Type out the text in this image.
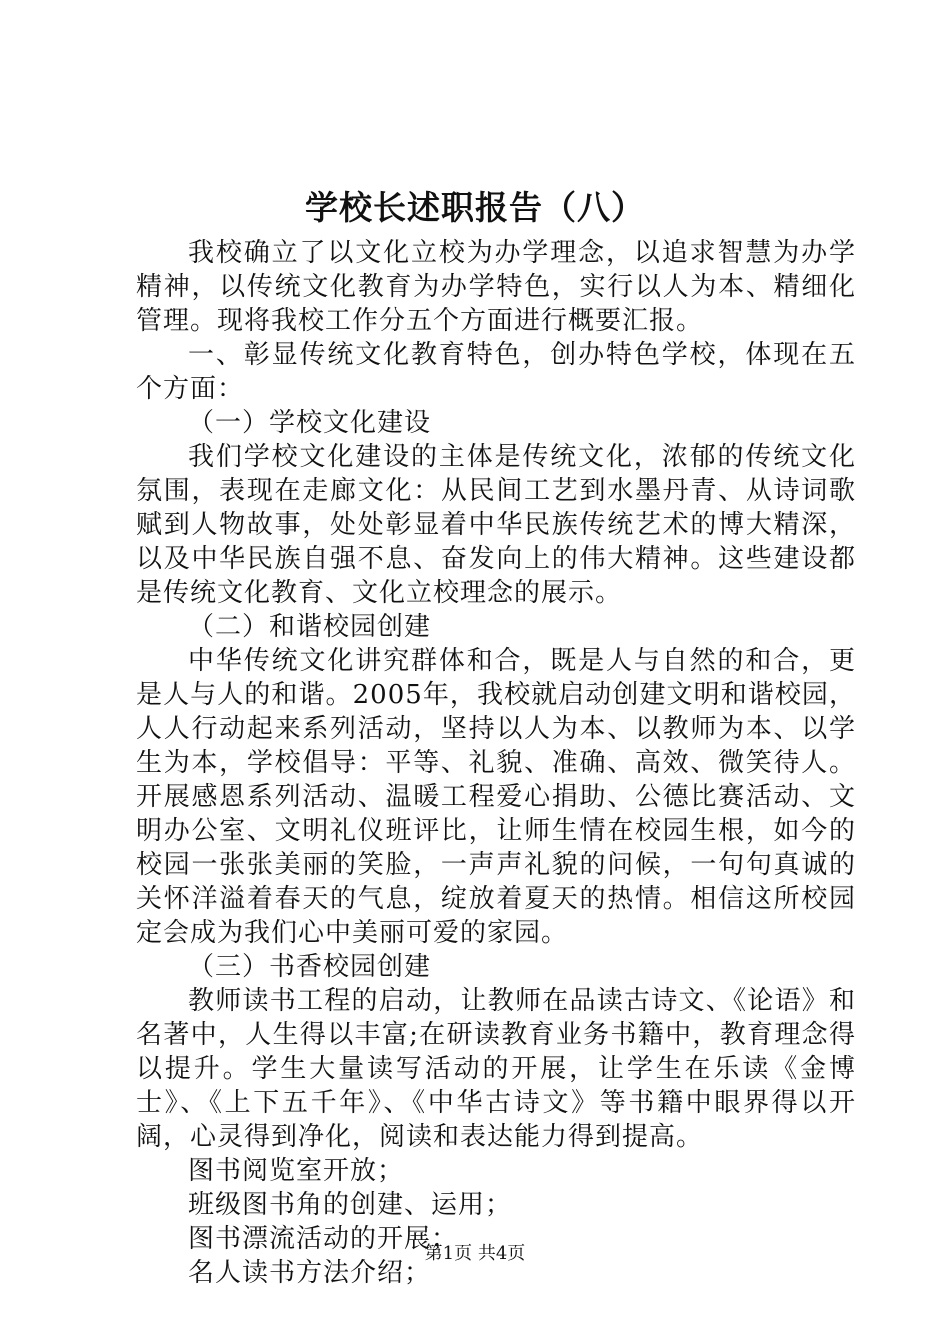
学校长述职报告（八）

我校确立了以文化立校为办学理念，以追求智慧为办学精神，以传统文化教育为办学特色，实行以人为本、精细化管理。现将我校工作分五个方面进行概要汇报。

一、彰显传统文化教育特色，创办特色学校，体现在五个方面：

（一）学校文化建设

我们学校文化建设的主体是传统文化，浓郁的传统文化氛围，表现在走廊文化：从民间工艺到水墨丹青、从诗词歌赋到人物故事，处处彰显着中华民族传统艺术的博大精深，以及中华民族自强不息、奋发向上的伟大精神。这些建设都是传统文化教育、文化立校理念的展示。

（二）和谐校园创建

中华传统文化讲究群体和合，既是人与自然的和合，更是人与人的和谐。2005年，我校就启动创建文明和谐校园，人人行动起来系列活动，坚持以人为本、以教师为本、以学生为本，学校倡导：平等、礼貌、准确、高效、微笑待人。开展感恩系列活动、温暖工程爱心捐助、公德比赛活动、文明办公室、文明礼仪班评比，让师生情在校园生根，如今的校园一张张美丽的笑脸，一声声礼貌的问候，一句句真诚的关怀洋溢着春天的气息，绽放着夏天的热情。相信这所校园定会成为我们心中美丽可爱的家园。

（三）书香校园创建

教师读书工程的启动，让教师在品读古诗文、《论语》和名著中，人生得以丰富;在研读教育业务书籍中，教育理念得以提升。学生大量读写活动的开展，让学生在乐读《金博士》、《上下五千年》、《中华古诗文》等书籍中眼界得以开阔，心灵得到净化，阅读和表达能力得到提高。

图书阅览室开放；

班级图书角的创建、运用；

图书漂流活动的开展；

名人读书方法介绍；

第1页 共4页
